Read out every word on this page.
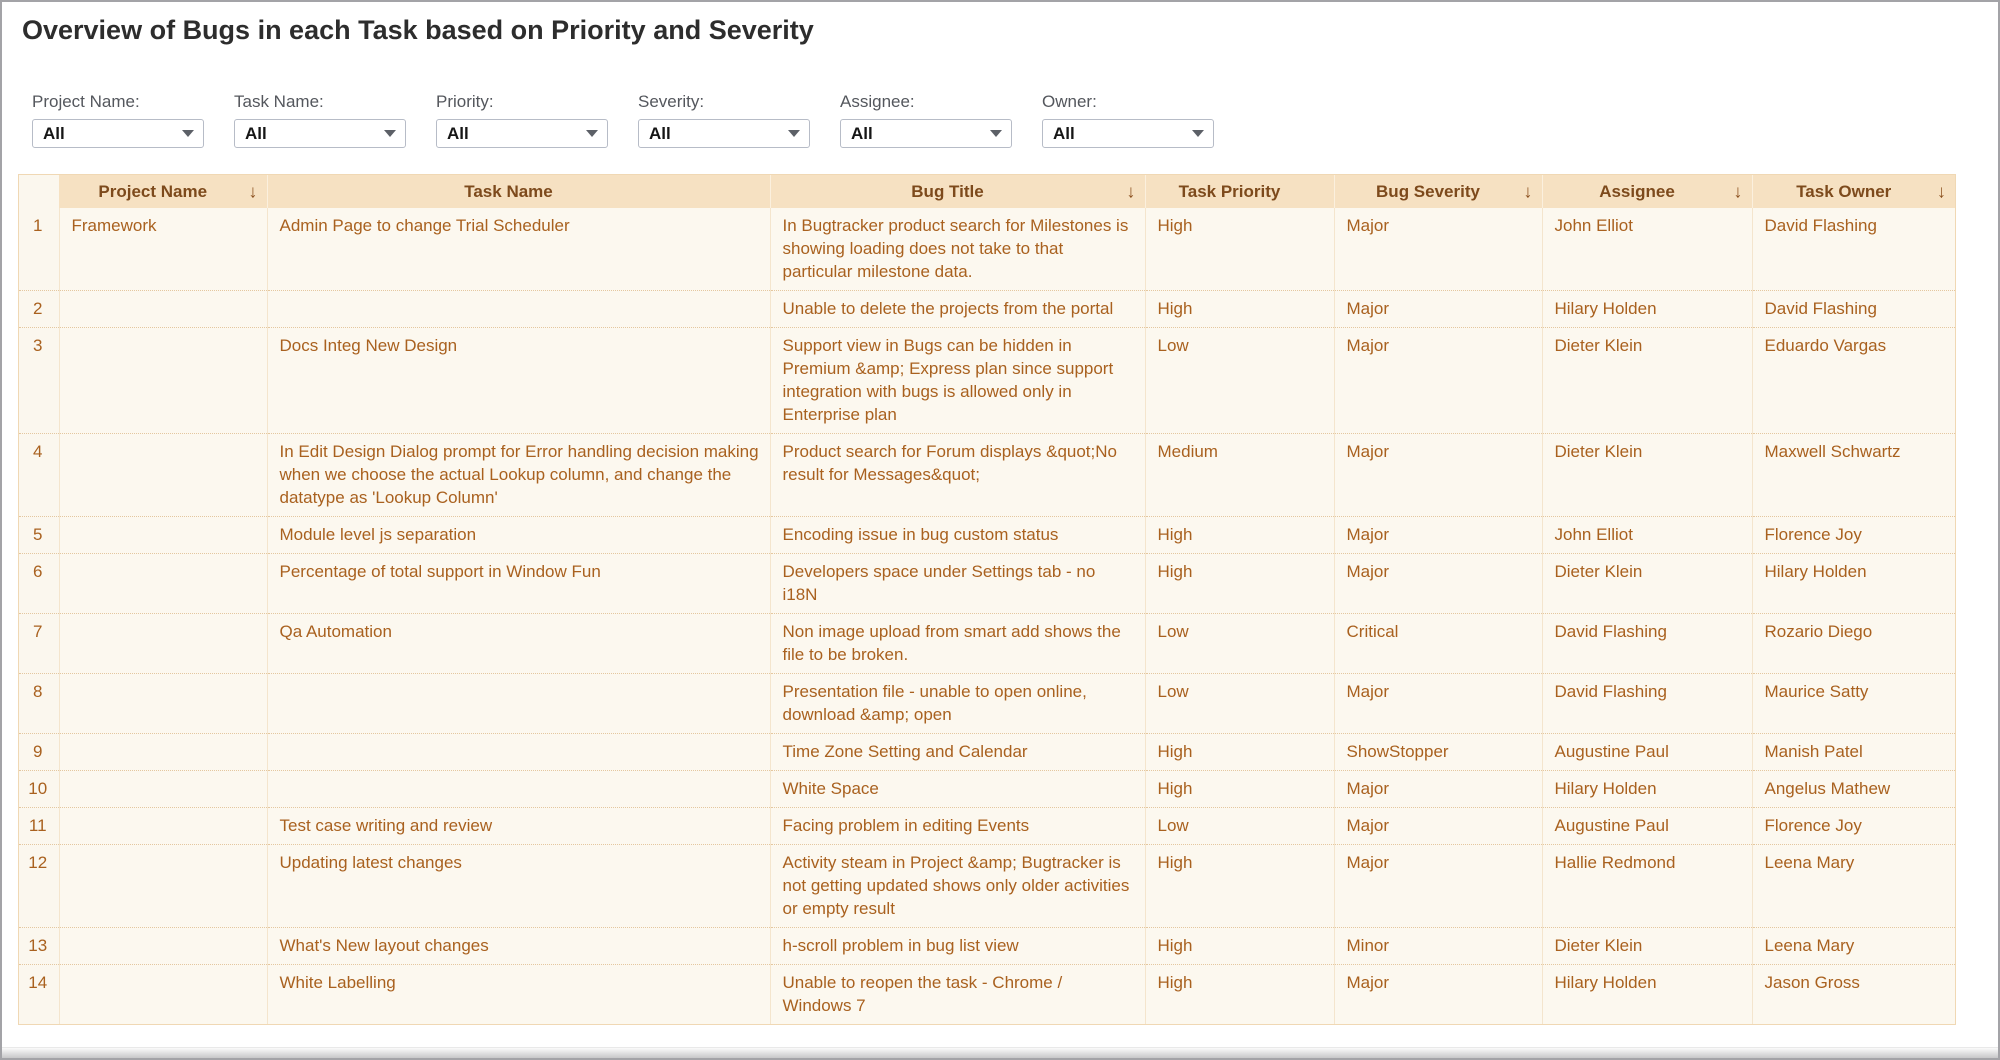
Overview of Bugs in each Task based on Priority and Severity
Project Name:
All
Task Name:
All
Priority:
All
Severity:
All
Assignee:
All
Owner:
All
	Project Name ↓	Task Name	Bug Title ↓	Task Priority	Bug Severity ↓	Assignee ↓	Task Owner ↓

1	Framework	Admin Page to change Trial Scheduler	In Bugtracker product search for Milestones is showing loading does not take to that particular milestone data.	High	Major	John Elliot	David Flashing
2			Unable to delete the projects from the portal	High	Major	Hilary Holden	David Flashing
3		Docs Integ New Design	Support view in Bugs can be hidden in Premium &amp; Express plan since support integration with bugs is allowed only in Enterprise plan	Low	Major	Dieter Klein	Eduardo Vargas
4		In Edit Design Dialog prompt for Error handling decision making when we choose the actual Lookup column, and change the datatype as 'Lookup Column'	Product search for Forum displays &quot;No result for Messages&quot;	Medium	Major	Dieter Klein	Maxwell Schwartz
5		Module level js separation	Encoding issue in bug custom status	High	Major	John Elliot	Florence Joy
6		Percentage of total support in Window Fun	Developers space under Settings tab - no i18N	High	Major	Dieter Klein	Hilary Holden
7		Qa Automation	Non image upload from smart add shows the file to be broken.	Low	Critical	David Flashing	Rozario Diego
8			Presentation file - unable to open online, download &amp; open	Low	Major	David Flashing	Maurice Satty
9			Time Zone Setting and Calendar	High	ShowStopper	Augustine Paul	Manish Patel
10			White Space	High	Major	Hilary Holden	Angelus Mathew
11		Test case writing and review	Facing problem in editing Events	Low	Major	Augustine Paul	Florence Joy
12		Updating latest changes	Activity steam in Project &amp; Bugtracker is not getting updated shows only older activities or empty result	High	Major	Hallie Redmond	Leena Mary
13		What's New layout changes	h-scroll problem in bug list view	High	Minor	Dieter Klein	Leena Mary
14		White Labelling	Unable to reopen the task - Chrome / Windows 7	High	Major	Hilary Holden	Jason Gross
